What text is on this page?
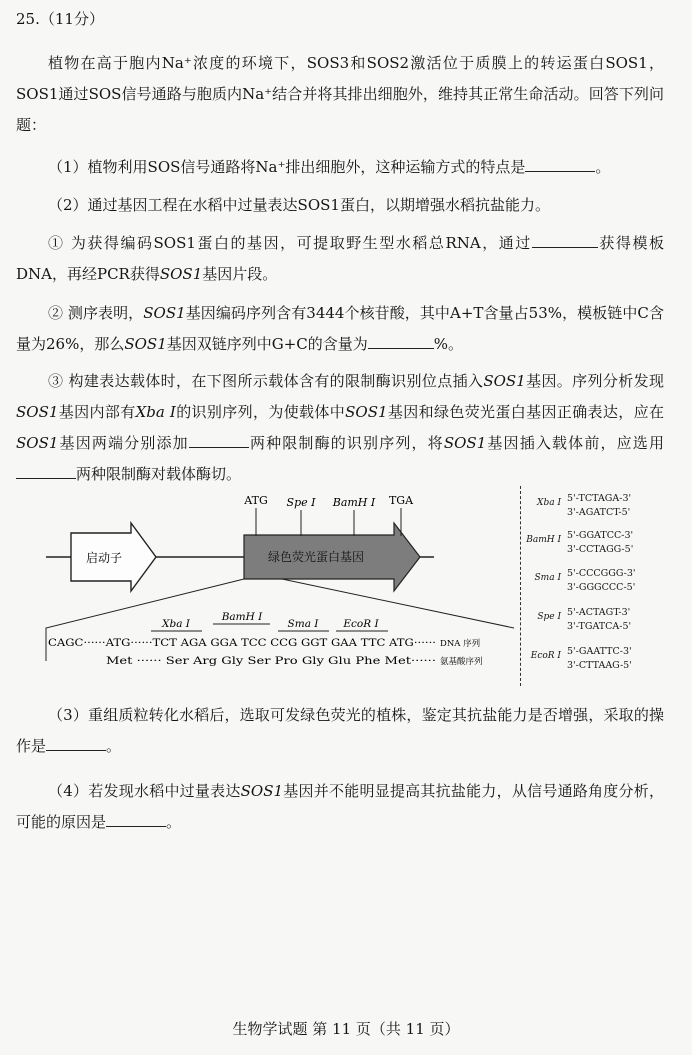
25.（11分）

植物在高于胞内Na⁺浓度的环境下，SOS3和SOS2激活位于质膜上的转运蛋白SOS1，SOS1通过SOS信号通路与胞质内Na⁺结合并将其排出细胞外，维持其正常生命活动。回答下列问题：

（1）植物利用SOS信号通路将Na⁺排出细胞外，这种运输方式的特点是	。

（2）通过基因工程在水稻中过量表达SOS1蛋白，以期增强水稻抗盐能力。

① 为获得编码SOS1蛋白的基因，可提取野生型水稻总RNA，通过	获得模板DNA，再经PCR获得SOS1基因片段。

② 测序表明，SOS1基因编码序列含有3444个核苷酸，其中A+T含量占53%，模板链中C含量为26%，那么SOS1基因双链序列中G+C的含量为	%。

③ 构建表达载体时，在下图所示载体含有的限制酶识别位点插入SOS1基因。序列分析发现SOS1基因内部有Xba I的识别序列，为使载体中SOS1基因和绿色荧光蛋白基因正确表达，应在SOS1基因两端分别添加	两种限制酶的识别序列，将SOS1基因插入载体前，应选用两种限制酶对载体酶切。

启动子	绿色荧光蛋白基因
ATG Spe I BamH I TGA
Xba I
BamH I
Sma I EcoR I
CAGC······ATG······TCT AGA GGA TCC CCG GGT GAA TTC ATG······
Met ······ Ser Arg Gly Ser Pro Gly Glu Phe Met······
DNA 序列
氨基酸序列
Xba I 5'-TCTAGA-3'
3'-AGATCT-5'
BamH I 5'-GGATCC-3'
3'-CCTAGG-5'
Sma I 5'-CCCGGG-3'
3'-GGGCCC-5'
Spe I 5'-ACTAGT-3'
3'-TGATCA-5'
EcoR I 5'-GAATTC-3'
3'-CTTAAG-5'

（3）重组质粒转化水稻后，选取可发绿色荧光的植株，鉴定其抗盐能力是否增强，采取的操作是	。

（4）若发现水稻中过量表达SOS1基因并不能明显提高其抗盐能力，从信号通路角度分析，可能的原因是	。

生物学试题 第 11 页（共 11 页）
